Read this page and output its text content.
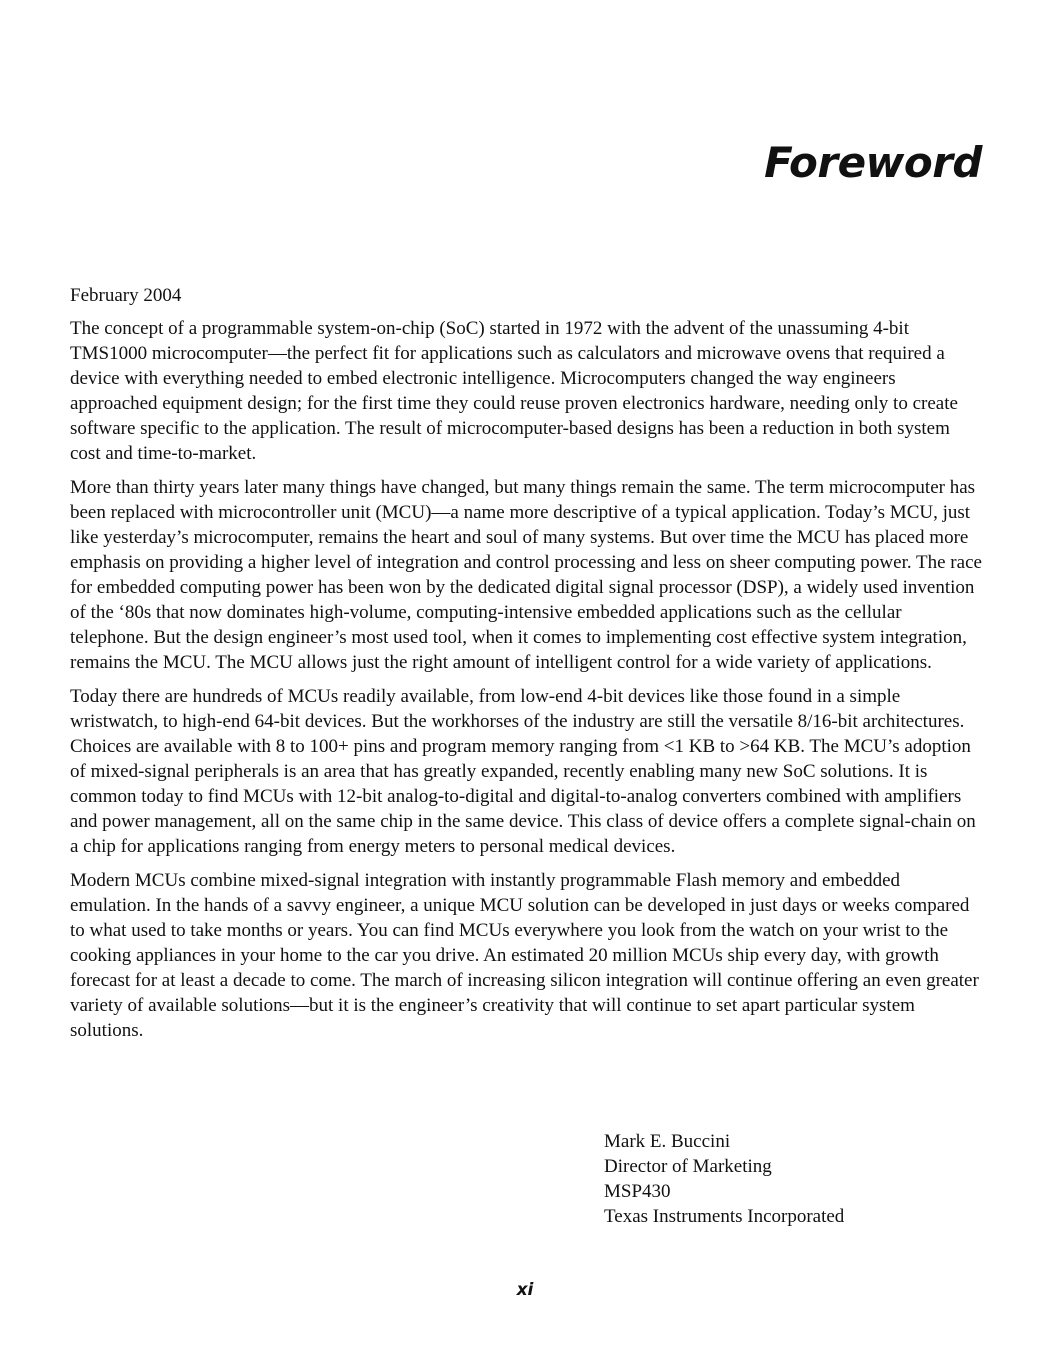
Foreword
February 2004

The concept of a programmable system-on-chip (SoC) started in 1972 with the advent of the unassuming 4-bit TMS1000 microcomputer—the perfect fit for applications such as calculators and microwave ovens that required a device with everything needed to embed electronic intelligence. Microcomputers changed the way engineers approached equipment design; for the first time they could reuse proven electronics hardware, needing only to create software specific to the application. The result of microcomputer-based designs has been a reduction in both system cost and time-to-market.

More than thirty years later many things have changed, but many things remain the same. The term microcomputer has been replaced with microcontroller unit (MCU)—a name more descriptive of a typical application. Today’s MCU, just like yesterday’s microcomputer, remains the heart and soul of many systems. But over time the MCU has placed more emphasis on providing a higher level of integration and control processing and less on sheer computing power. The race for embedded computing power has been won by the dedicated digital signal processor (DSP), a widely used invention of the ‘80s that now dominates high-volume, computing-intensive embedded applications such as the cellular telephone. But the design engineer’s most used tool, when it comes to implementing cost effective system integration, remains the MCU. The MCU allows just the right amount of intelligent control for a wide variety of applications.

Today there are hundreds of MCUs readily available, from low-end 4-bit devices like those found in a simple wristwatch, to high-end 64-bit devices. But the workhorses of the industry are still the versatile 8/16-bit architectures. Choices are available with 8 to 100+ pins and program memory ranging from <1 KB to >64 KB. The MCU’s adoption of mixed-signal peripherals is an area that has greatly expanded, recently enabling many new SoC solutions. It is common today to find MCUs with 12-bit analog-to-digital and digital-to-analog converters combined with amplifiers and power management, all on the same chip in the same device. This class of device offers a complete signal-chain on a chip for applications ranging from energy meters to personal medical devices.

Modern MCUs combine mixed-signal integration with instantly programmable Flash memory and embedded emulation. In the hands of a savvy engineer, a unique MCU solution can be developed in just days or weeks compared to what used to take months or years. You can find MCUs everywhere you look from the watch on your wrist to the cooking appliances in your home to the car you drive. An estimated 20 million MCUs ship every day, with growth forecast for at least a decade to come. The march of increasing silicon integration will continue offering an even greater variety of available solutions—but it is the engineer’s creativity that will continue to set apart particular system solutions.

Mark E. Buccini
Director of Marketing
MSP430
Texas Instruments Incorporated
xi
